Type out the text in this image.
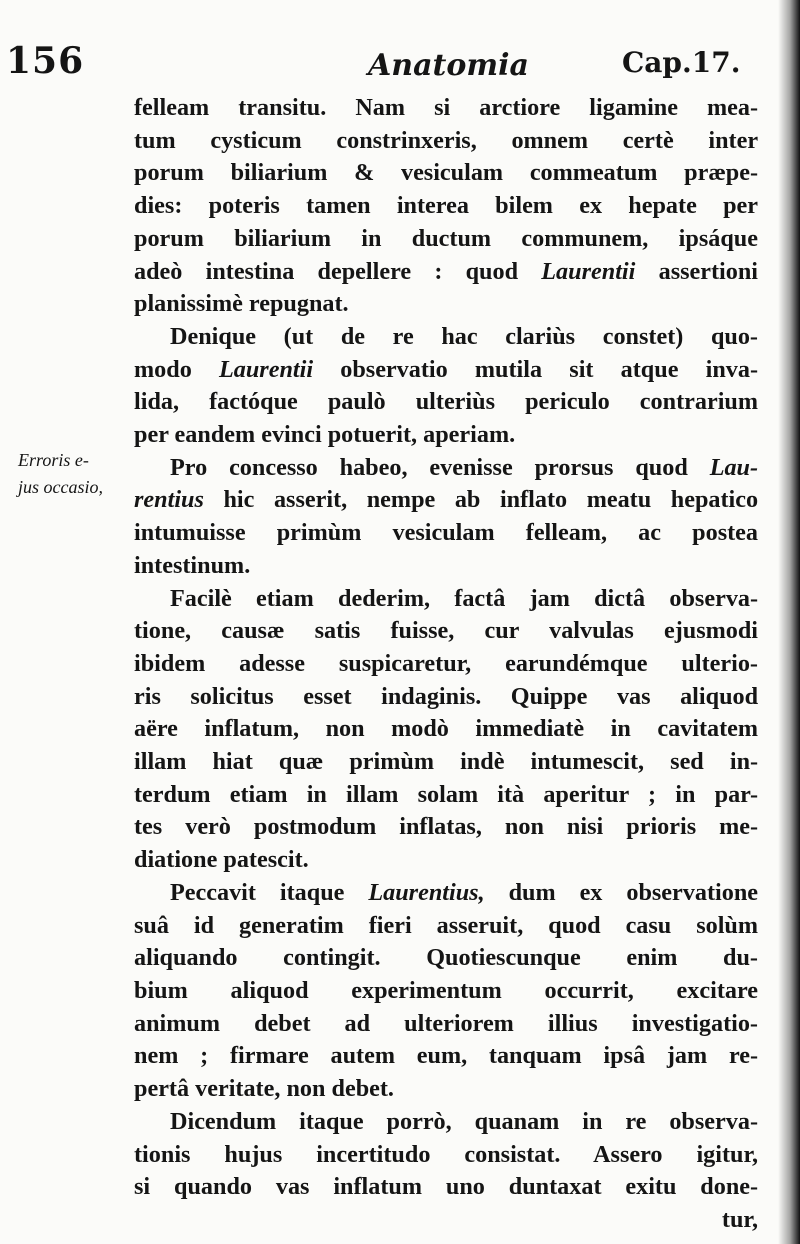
156	Anatomia	Cap.17.
Erroris e-
jus occasio,
felleam transitu. Nam si arctiore ligamine mea-
tum cysticum constrinxeris, omnem certè inter
porum biliarium & vesiculam commeatum præpe-
dies: poteris tamen interea bilem ex hepate per
porum biliarium in ductum communem, ipsáque
adeò intestina depellere : quod Laurentii assertioni
planissimè repugnat.
Denique (ut de re hac clariùs constet) quo-
modo Laurentii observatio mutila sit atque inva-
lida, factóque paulò ulteriùs periculo contrarium
per eandem evinci potuerit, aperiam.
Pro concesso habeo, evenisse prorsus quod Lau-
rentius hic asserit, nempe ab inflato meatu hepatico
intumuisse primùm vesiculam felleam, ac postea
intestinum.
Facilè etiam dederim, factâ jam dictâ observa-
tione, causæ satis fuisse, cur valvulas ejusmodi
ibidem adesse suspicaretur, earundémque ulterio-
ris solicitus esset indaginis. Quippe vas aliquod
aëre inflatum, non modò immediatè in cavitatem
illam hiat quæ primùm indè intumescit, sed in-
terdum etiam in illam solam ità aperitur ; in par-
tes verò postmodum inflatas, non nisi prioris me-
diatione patescit.
Peccavit itaque Laurentius, dum ex observatione
suâ id generatim fieri asseruit, quod casu solùm
aliquando contingit. Quotiescunque enim du-
bium aliquod experimentum occurrit, excitare
animum debet ad ulteriorem illius investigatio-
nem ; firmare autem eum, tanquam ipsâ jam re-
pertâ veritate, non debet.
Dicendum itaque porrò, quanam in re observa-
tionis hujus incertitudo consistat. Assero igitur,
si quando vas inflatum uno duntaxat exitu done-
tur,
